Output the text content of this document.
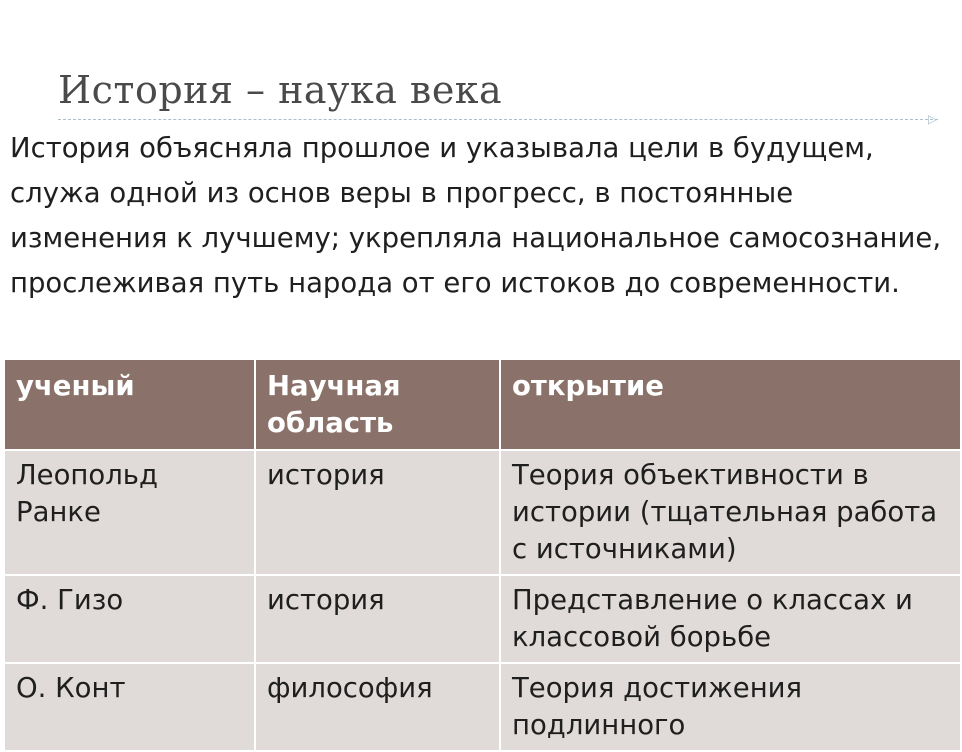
История – наука века
▷

История объясняла прошлое и указывала цели в будущем, служа одной из основ веры в прогресс, в постоянные изменения к лучшему; укрепляла национальное самосознание, прослеживая путь народа от его истоков до современности.

ученый	Научная область	открытие
Леопольд Ранке	история	Теория объективности в истории (тщательная работа с источниками)
Ф. Гизо	история	Представление о классах и классовой борьбе
О. Конт	философия	Теория достижения подлинного
